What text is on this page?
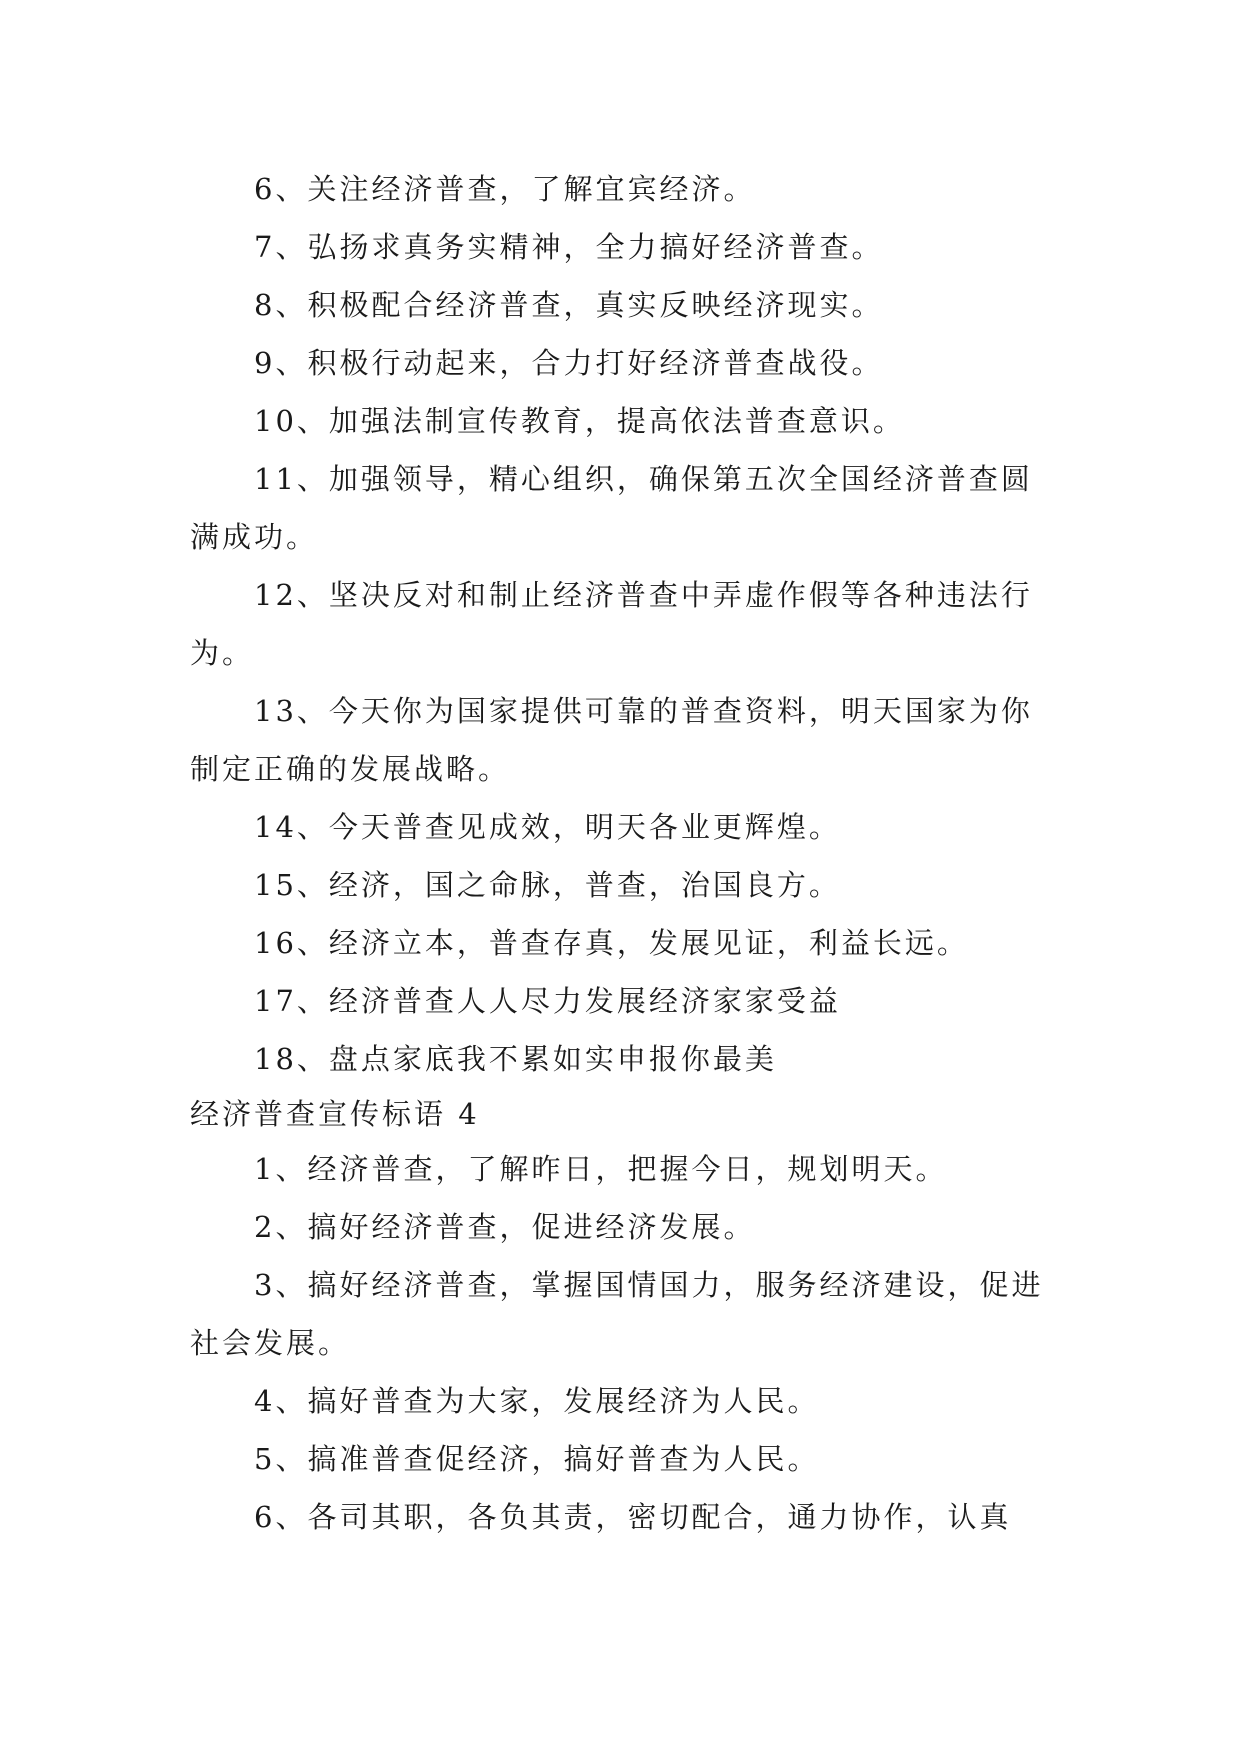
6、关注经济普查，了解宜宾经济。

7、弘扬求真务实精神，全力搞好经济普查。

8、积极配合经济普查，真实反映经济现实。

9、积极行动起来，合力打好经济普查战役。

10、加强法制宣传教育，提高依法普查意识。

11、加强领导，精心组织，确保第五次全国经济普查圆满成功。

12、坚决反对和制止经济普查中弄虚作假等各种违法行为。

13、今天你为国家提供可靠的普查资料，明天国家为你制定正确的发展战略。

14、今天普查见成效，明天各业更辉煌。

15、经济，国之命脉，普查，治国良方。

16、经济立本，普查存真，发展见证，利益长远。

17、经济普查人人尽力发展经济家家受益

18、盘点家底我不累如实申报你最美

经济普查宣传标语 4

1、经济普查，了解昨日，把握今日，规划明天。

2、搞好经济普查，促进经济发展。

3、搞好经济普查，掌握国情国力，服务经济建设，促进社会发展。

4、搞好普查为大家，发展经济为人民。

5、搞准普查促经济，搞好普查为人民。

6、各司其职，各负其责，密切配合，通力协作，认真
